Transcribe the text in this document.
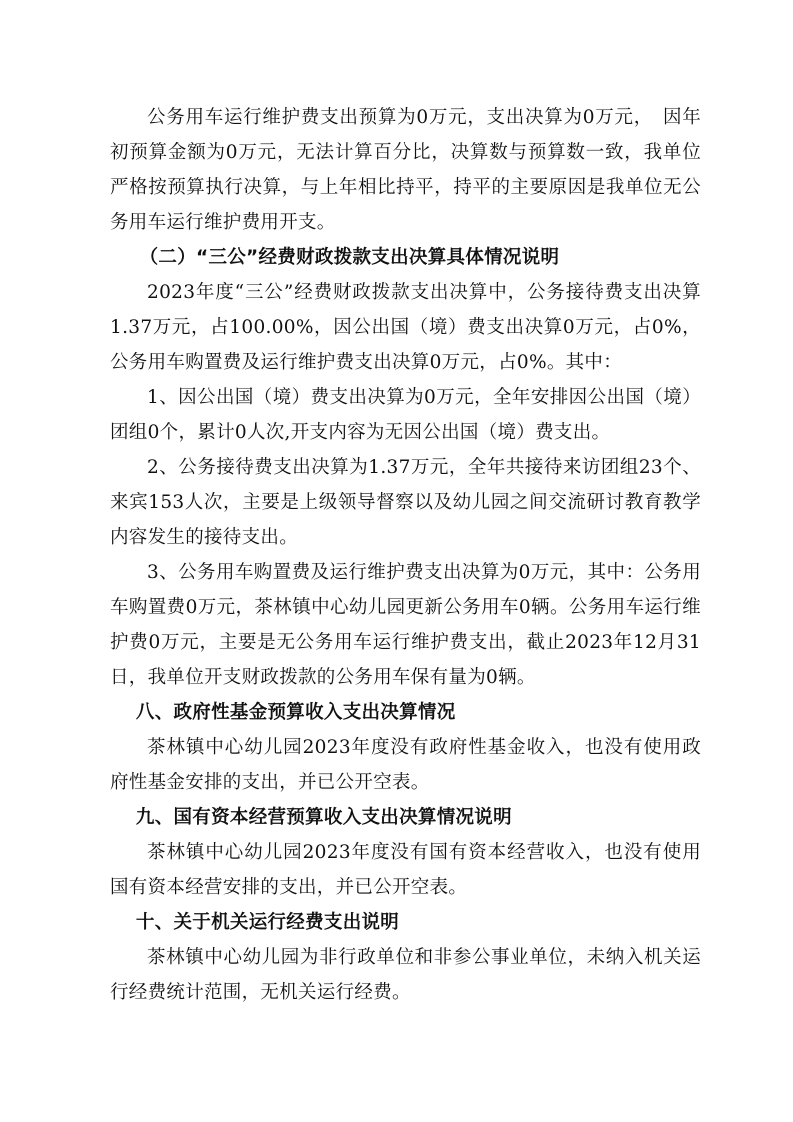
公务用车运行维护费支出预算为0万元，支出决算为0万元，　因年初预算金额为0万元，无法计算百分比，决算数与预算数一致，我单位严格按预算执行决算，与上年相比持平，持平的主要原因是我单位无公务用车运行维护费用开支。

（二）“三公”经费财政拨款支出决算具体情况说明

2023年度“三公”经费财政拨款支出决算中，公务接待费支出决算1.37万元，占100.00%，因公出国（境）费支出决算0万元，占0%，公务用车购置费及运行维护费支出决算0万元，占0%。其中：

1、因公出国（境）费支出决算为0万元，全年安排因公出国（境）团组0个，累计0人次,开支内容为无因公出国（境）费支出。

2、公务接待费支出决算为1.37万元，全年共接待来访团组23个、来宾153人次，主要是上级领导督察以及幼儿园之间交流研讨教育教学内容发生的接待支出。

3、公务用车购置费及运行维护费支出决算为0万元，其中：公务用车购置费0万元，茶林镇中心幼儿园更新公务用车0辆。公务用车运行维护费0万元，主要是无公务用车运行维护费支出，截止2023年12月31日，我单位开支财政拨款的公务用车保有量为0辆。

八、政府性基金预算收入支出决算情况

茶林镇中心幼儿园2023年度没有政府性基金收入，也没有使用政府性基金安排的支出，并已公开空表。

九、国有资本经营预算收入支出决算情况说明

茶林镇中心幼儿园2023年度没有国有资本经营收入，也没有使用国有资本经营安排的支出，并已公开空表。

十、关于机关运行经费支出说明

茶林镇中心幼儿园为非行政单位和非参公事业单位，未纳入机关运行经费统计范围，无机关运行经费。
